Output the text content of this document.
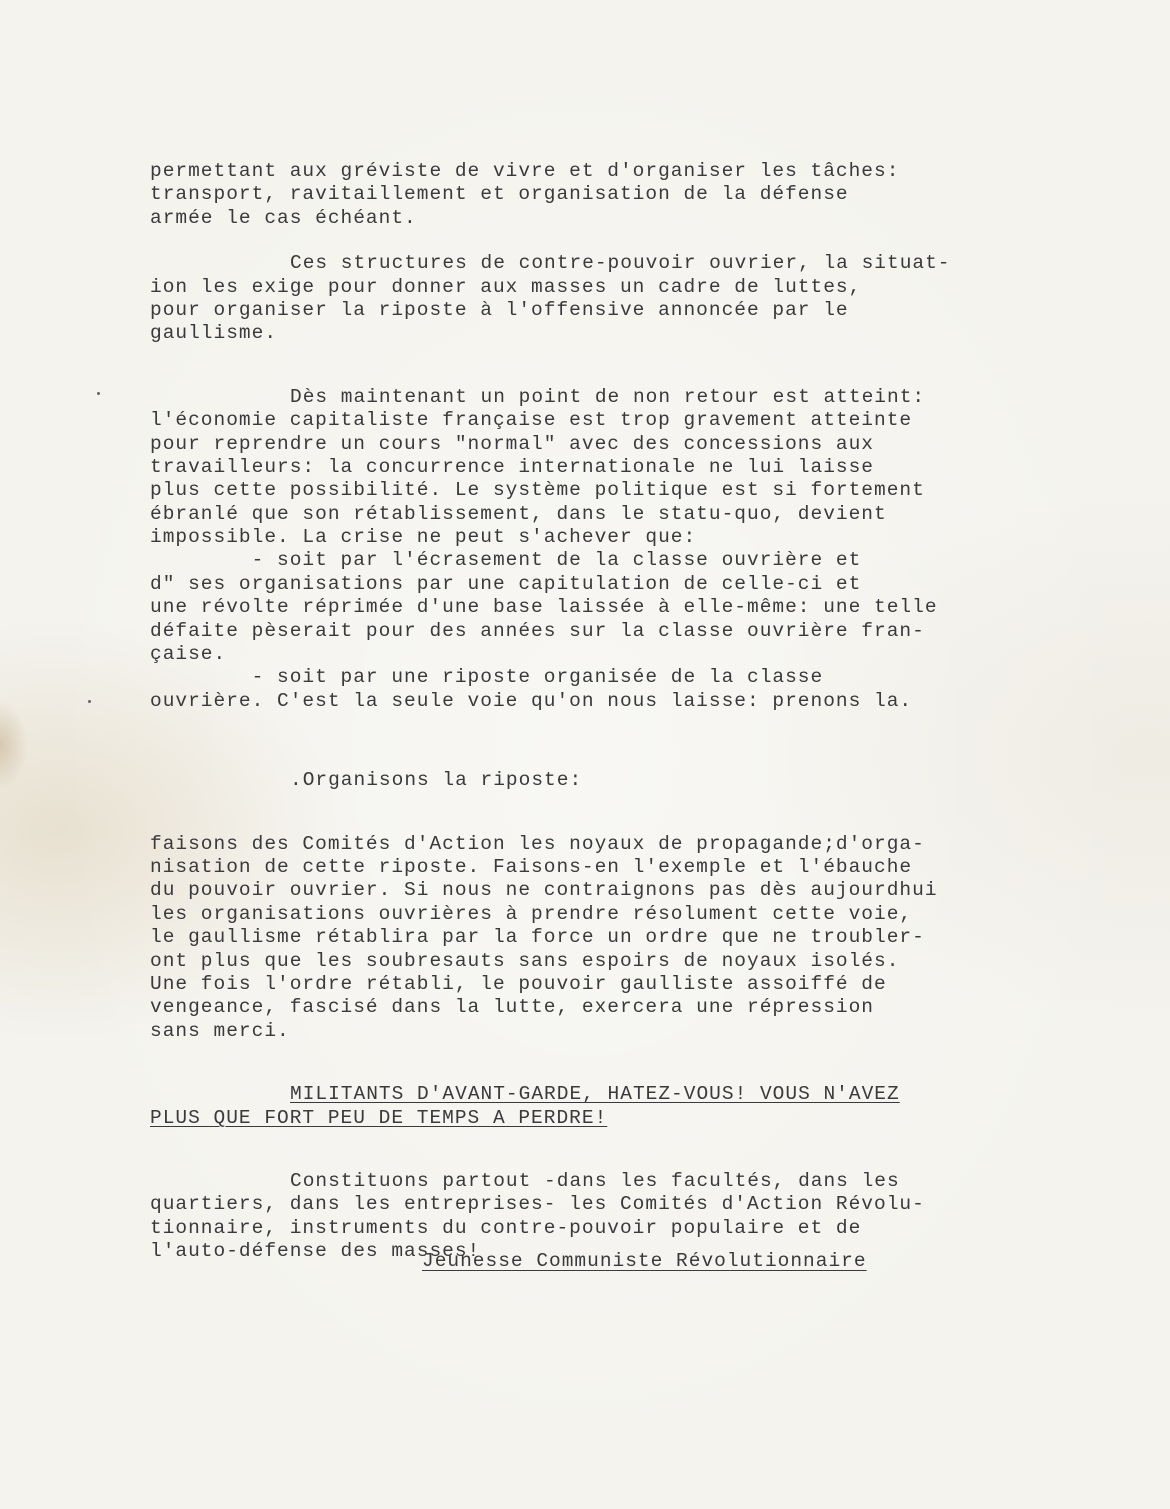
permettant aux gréviste de vivre et d'organiser les tâches:
transport, ravitaillement et organisation de la défense
armée le cas échéant.
Ces structures de contre-pouvoir ouvrier, la situat-
ion les exige pour donner aux masses un cadre de luttes,
pour organiser la riposte à l'offensive annoncée par le
gaullisme.
Dès maintenant un point de non retour est atteint:
l'économie capitaliste française est trop gravement atteinte
pour reprendre un cours "normal" avec des concessions aux
travailleurs: la concurrence internationale ne lui laisse
plus cette possibilité. Le système politique est si fortement
ébranlé que son rétablissement, dans le statu-quo, devient
impossible. La crise ne peut s'achever que:
- soit par l'écrasement de la classe ouvrière et
d" ses organisations par une capitulation de celle-ci et
une révolte réprimée d'une base laissée à elle-même: une telle
défaite pèserait pour des années sur la classe ouvrière fran-
çaise.
- soit par une riposte organisée de la classe
ouvrière. C'est la seule voie qu'on nous laisse: prenons la.
.Organisons la riposte:
faisons des Comités d'Action les noyaux de propagande;d'orga-
nisation de cette riposte. Faisons-en l'exemple et l'ébauche
du pouvoir ouvrier. Si nous ne contraignons pas dès aujourdhui
les organisations ouvrières à prendre résolument cette voie,
le gaullisme rétablira par la force un ordre que ne troubler-
ont plus que les soubresauts sans espoirs de noyaux isolés.
Une fois l'ordre rétabli, le pouvoir gaulliste assoiffé de
vengeance, fascisé dans la lutte, exercera une répression
sans merci.
MILITANTS D'AVANT-GARDE, HATEZ-VOUS! VOUS N'AVEZ
PLUS QUE FORT PEU DE TEMPS A PERDRE!
Constituons partout -dans les facultés, dans les
quartiers, dans les entreprises- les Comités d'Action Révolu-
tionnaire, instruments du contre-pouvoir populaire et de
l'auto-défense des masses!
Jeunesse Communiste Révolutionnaire
